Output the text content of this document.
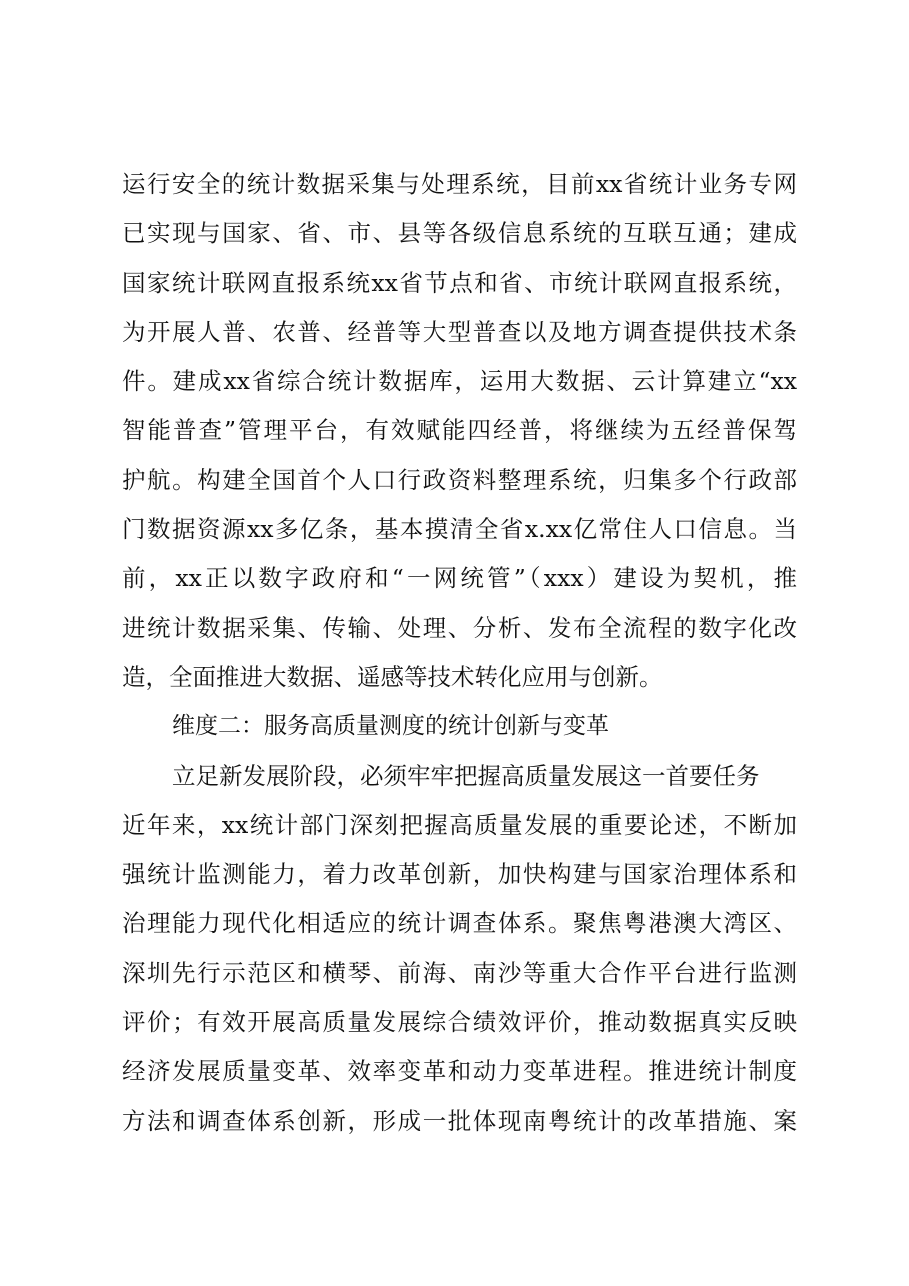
运行安全的统计数据采集与处理系统，目前xx省统计业务专网
已实现与国家、省、市、县等各级信息系统的互联互通；建成
国家统计联网直报系统xx省节点和省、市统计联网直报系统，
为开展人普、农普、经普等大型普查以及地方调查提供技术条
件。建成xx省综合统计数据库，运用大数据、云计算建立“xx
智能普查”管理平台，有效赋能四经普，将继续为五经普保驾
护航。构建全国首个人口行政资料整理系统，归集多个行政部
门数据资源xx多亿条，基本摸清全省x.xx亿常住人口信息。当
前，xx正以数字政府和“一网统管”（xxx）建设为契机，推
进统计数据采集、传输、处理、分析、发布全流程的数字化改
造，全面推进大数据、遥感等技术转化应用与创新。
维度二：服务高质量测度的统计创新与变革
立足新发展阶段，必须牢牢把握高质量发展这一首要任务
近年来，xx统计部门深刻把握高质量发展的重要论述，不断加
强统计监测能力，着力改革创新，加快构建与国家治理体系和
治理能力现代化相适应的统计调查体系。聚焦粤港澳大湾区、
深圳先行示范区和横琴、前海、南沙等重大合作平台进行监测
评价；有效开展高质量发展综合绩效评价，推动数据真实反映
经济发展质量变革、效率变革和动力变革进程。推进统计制度
方法和调查体系创新，形成一批体现南粤统计的改革措施、案
